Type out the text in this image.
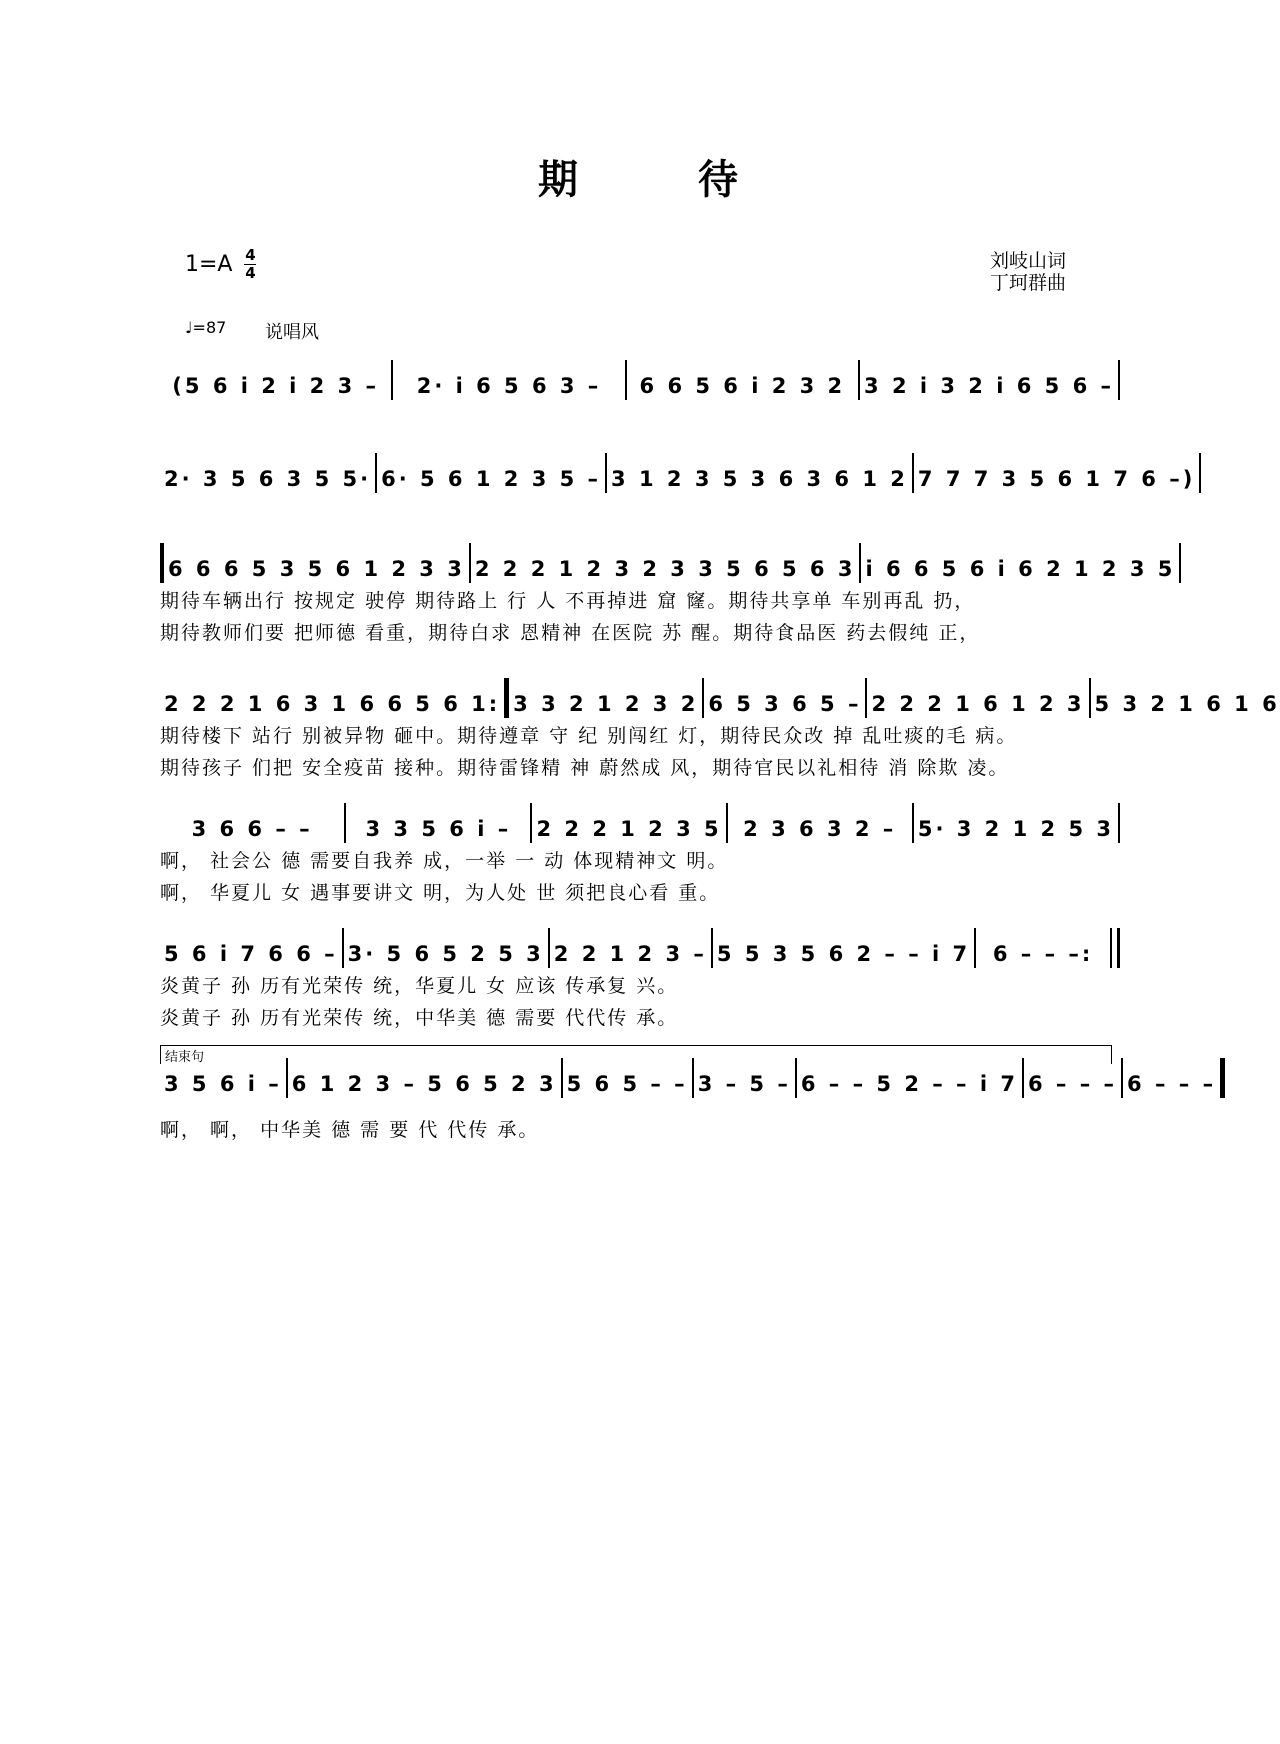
期	待
1=A 4
4
刘岐山词
丁珂群曲
♩=87 说唱风
(5 6 i 2 i 2 3 –	2· i 6 5 6 3 –	6 6 5 6 i 2 3 2 3 2 i 3 2 i 6 5 6 –
2· 3 5 6 3 5 5· 6· 5 6 1 2 3 5 – 3 1 2 3 5 3 6 3 6 1 2 7 7 7 3 5 6 1 7 6 –)
6 6 6 5 3 5 6 1 2 3 3 2 2 2 1 2 3 2 3 3 5 6 5 6 3 i 6 6 5 6 i 6 2 1 2 3 5
期待车辆出行 按规定 驶停 期待路上 行 人 不再掉进 窟 窿。期待共享单 车别再乱 扔，
期待教师们要 把师德 看重，期待白求 恩精神 在医院 苏 醒。期待食品医 药去假纯 正，
2 2 2 1 6 3 1 6 6 5 6 1: 3 3 2 1 2 3 2 6 5 3 6 5 – 2 2 2 1 6 1 2 3 5 3 2 1 6 1 6
期待楼下 站行 别被异物 砸中。期待遵章 守 纪 别闯红 灯，期待民众改 掉 乱吐痰的毛 病。
期待孩子 们把 安全疫苗 接种。期待雷锋精 神 蔚然成 风，期待官民以礼相待 消 除欺 凌。
3 6 6 – –	3 3 5 6 i –	2 2 2 1 2 3 5	2 3 6 3 2 –	5· 3 2 1 2 5 3
啊， 社会公 德 需要自我养 成，一举 一 动 体现精神文 明。
啊， 华夏儿 女 遇事要讲文 明，为人处 世 须把良心看 重。
5 6 i 7 6 6 – 3· 5 6 5 2 5 3 2 2 1 2 3 – 5 5 3 5 6 2 – – i 7	6 – – –:
炎黄子 孙 历有光荣传 统，华夏儿 女 应该 传承复 兴。
炎黄子 孙 历有光荣传 统，中华美 德 需要 代代传 承。
结束句
3 5 6 i – 6 1 2 3 – 5 6 5 2 3 5 6 5 – – 3 – 5 – 6 – – 5 2 – – i 7 6 – – – 6 – – –
啊， 啊， 中华美 德 需 要 代 代传 承。
